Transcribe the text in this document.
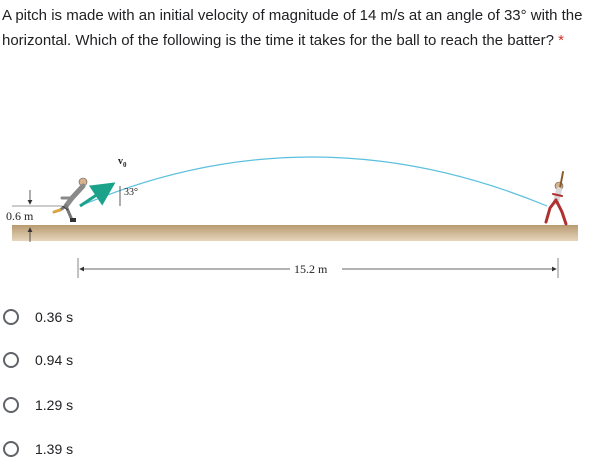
A pitch is made with an initial velocity of magnitude of 14 m/s at an angle of 33° with the horizontal. Which of the following is the time it takes for the ball to reach the batter? *
33°
$v_0$
0.6 m
15.2 m
0.36 s
0.94 s
1.29 s
1.39 s
